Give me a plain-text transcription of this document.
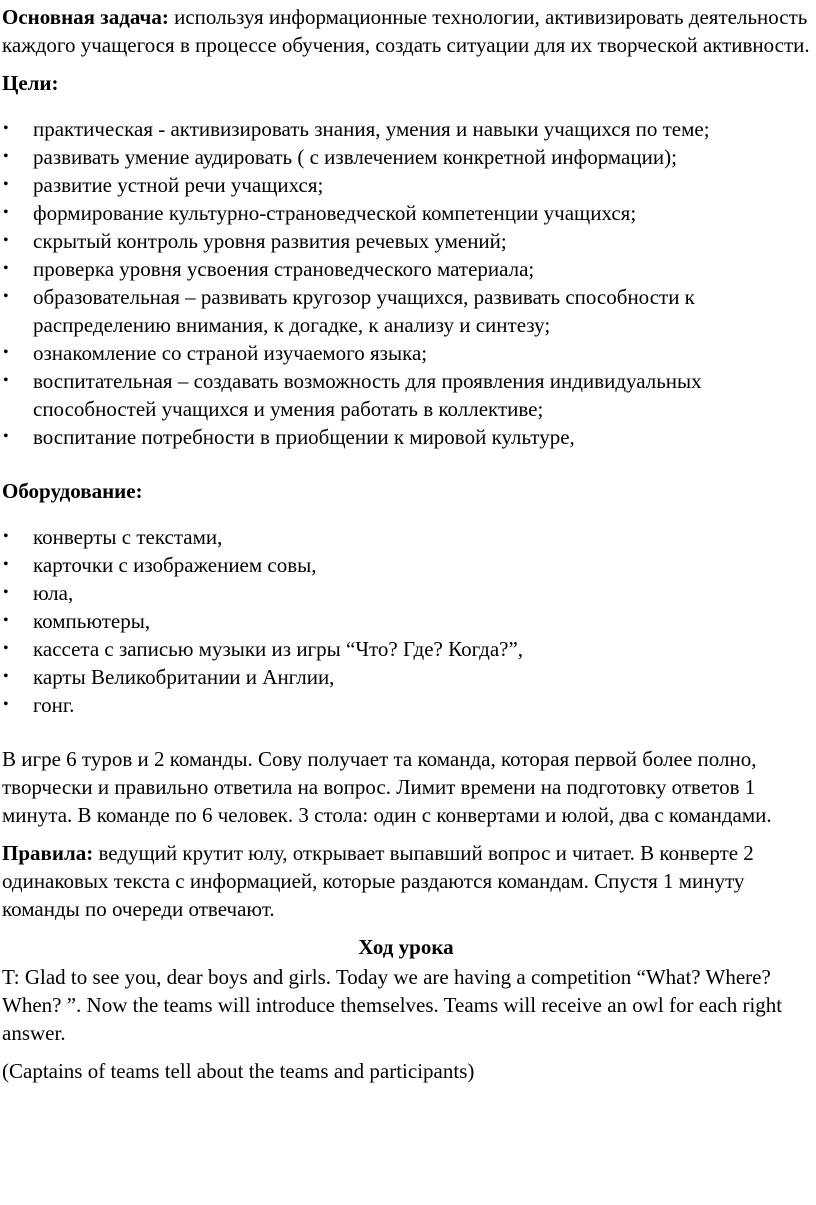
Основная задача: используя информационные технологии, активизировать деятельность каждого учащегося в процессе обучения, создать ситуации для их творческой активности.

Цели:

• практическая - активизировать знания, умения и навыки учащихся по теме;
• развивать умение аудировать ( с извлечением конкретной информации);
• развитие устной речи учащихся;
• формирование культурно-страноведческой компетенции учащихся;
• скрытый контроль уровня развития речевых умений;
• проверка уровня усвоения страноведческого материала;
• образовательная – развивать кругозор учащихся, развивать способности к распределению внимания, к догадке, к анализу и синтезу;
• ознакомление со страной изучаемого языка;
• воспитательная – создавать возможность для проявления индивидуальных способностей учащихся и умения работать в коллективе;
• воспитание потребности в приобщении к мировой культуре,

Оборудование:

• конверты с текстами,
• карточки с изображением совы,
• юла,
• компьютеры,
• кассета с записью музыки из игры “Что? Где? Когда?”,
• карты Великобритании и Англии,
• гонг.

В игре 6 туров и 2 команды. Сову получает та команда, которая первой более полно, творчески и правильно ответила на вопрос. Лимит времени на подготовку ответов 1 минута. В команде по 6 человек. 3 стола: один с конвертами и юлой, два с командами.

Правила: ведущий крутит юлу, открывает выпавший вопрос и читает. В конверте 2 одинаковых текста с информацией, которые раздаются командам. Спустя 1 минуту команды по очереди отвечают.

Ход урока

T: Glad to see you, dear boys and girls. Today we are having a competition “What? Where? When? ”. Now the teams will introduce themselves. Teams will receive an owl for each right answer.

(Captains of teams tell about the teams and participants)
